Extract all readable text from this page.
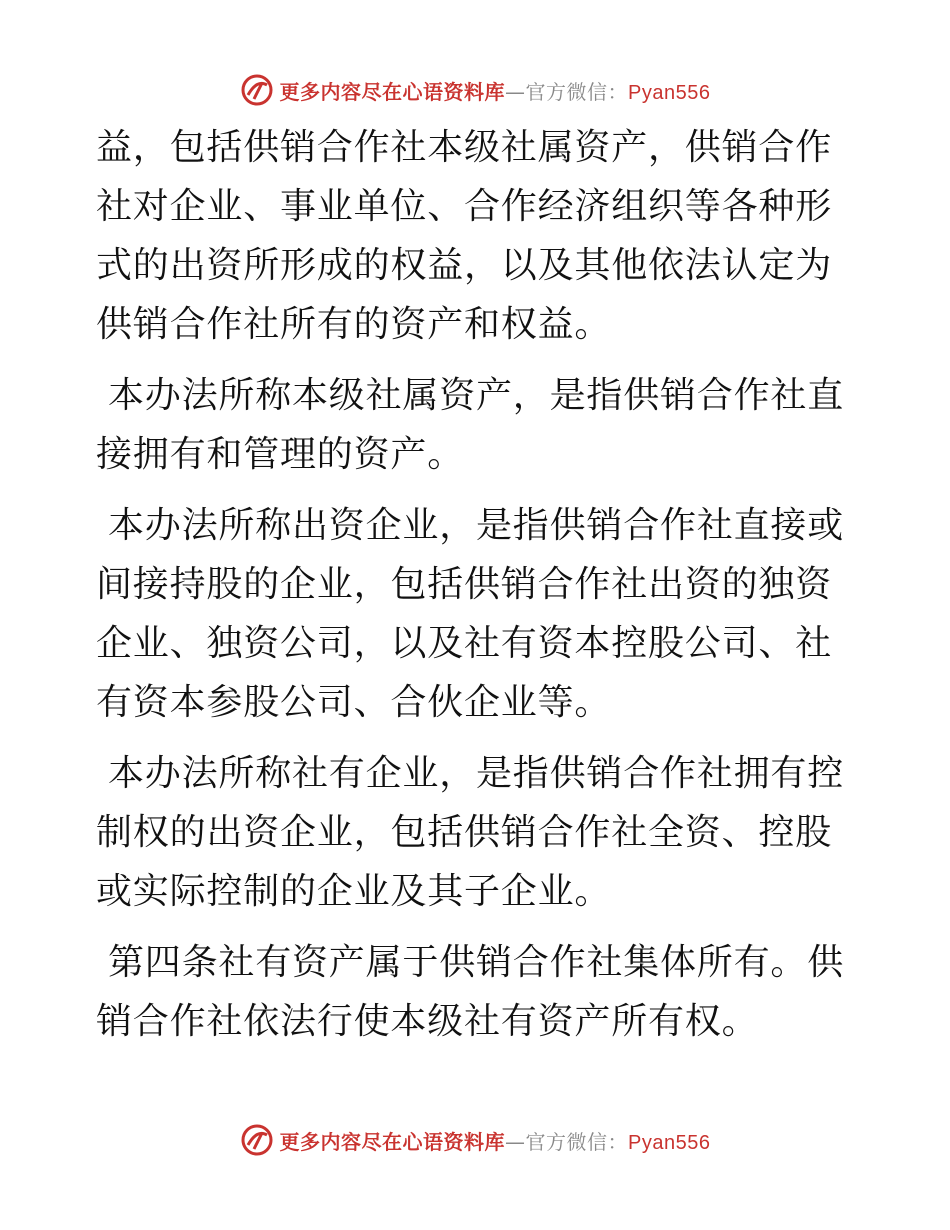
更多内容尽在心语资料库—官方微信：Pyan556

益，包括供销合作社本级社属资产，供销合作社对企业、事业单位、合作经济组织等各种形式的出资所形成的权益，以及其他依法认定为供销合作社所有的资产和权益。

本办法所称本级社属资产，是指供销合作社直接拥有和管理的资产。

本办法所称出资企业，是指供销合作社直接或间接持股的企业，包括供销合作社出资的独资企业、独资公司，以及社有资本控股公司、社有资本参股公司、合伙企业等。

本办法所称社有企业，是指供销合作社拥有控制权的出资企业，包括供销合作社全资、控股或实际控制的企业及其子企业。

第四条社有资产属于供销合作社集体所有。供销合作社依法行使本级社有资产所有权。

更多内容尽在心语资料库—官方微信：Pyan556
